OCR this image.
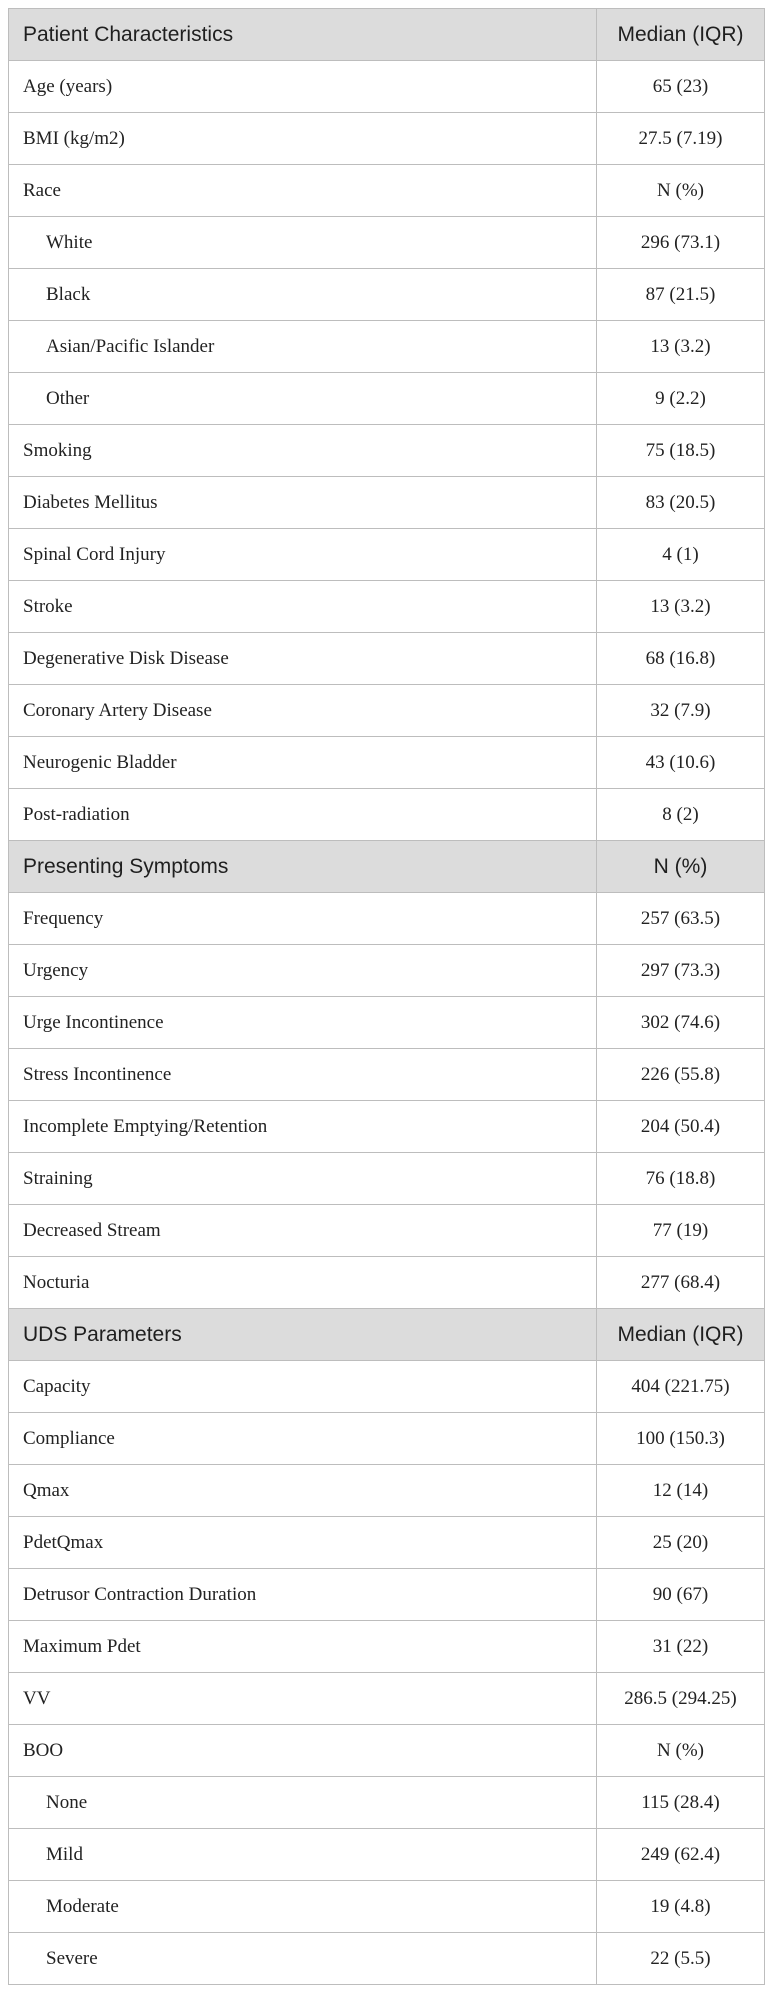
Patient Characteristics	Median (IQR)
Age (years)	65 (23)
BMI (kg/m2)	27.5 (7.19)
Race	N (%)
White	296 (73.1)
Black	87 (21.5)
Asian/Pacific Islander	13 (3.2)
Other	9 (2.2)
Smoking	75 (18.5)
Diabetes Mellitus	83 (20.5)
Spinal Cord Injury	4 (1)
Stroke	13 (3.2)
Degenerative Disk Disease	68 (16.8)
Coronary Artery Disease	32 (7.9)
Neurogenic Bladder	43 (10.6)
Post-radiation	8 (2)
Presenting Symptoms	N (%)
Frequency	257 (63.5)
Urgency	297 (73.3)
Urge Incontinence	302 (74.6)
Stress Incontinence	226 (55.8)
Incomplete Emptying/Retention	204 (50.4)
Straining	76 (18.8)
Decreased Stream	77 (19)
Nocturia	277 (68.4)
UDS Parameters	Median (IQR)
Capacity	404 (221.75)
Compliance	100 (150.3)
Qmax	12 (14)
PdetQmax	25 (20)
Detrusor Contraction Duration	90 (67)
Maximum Pdet	31 (22)
VV	286.5 (294.25)
BOO	N (%)
None	115 (28.4)
Mild	249 (62.4)
Moderate	19 (4.8)
Severe	22 (5.5)
